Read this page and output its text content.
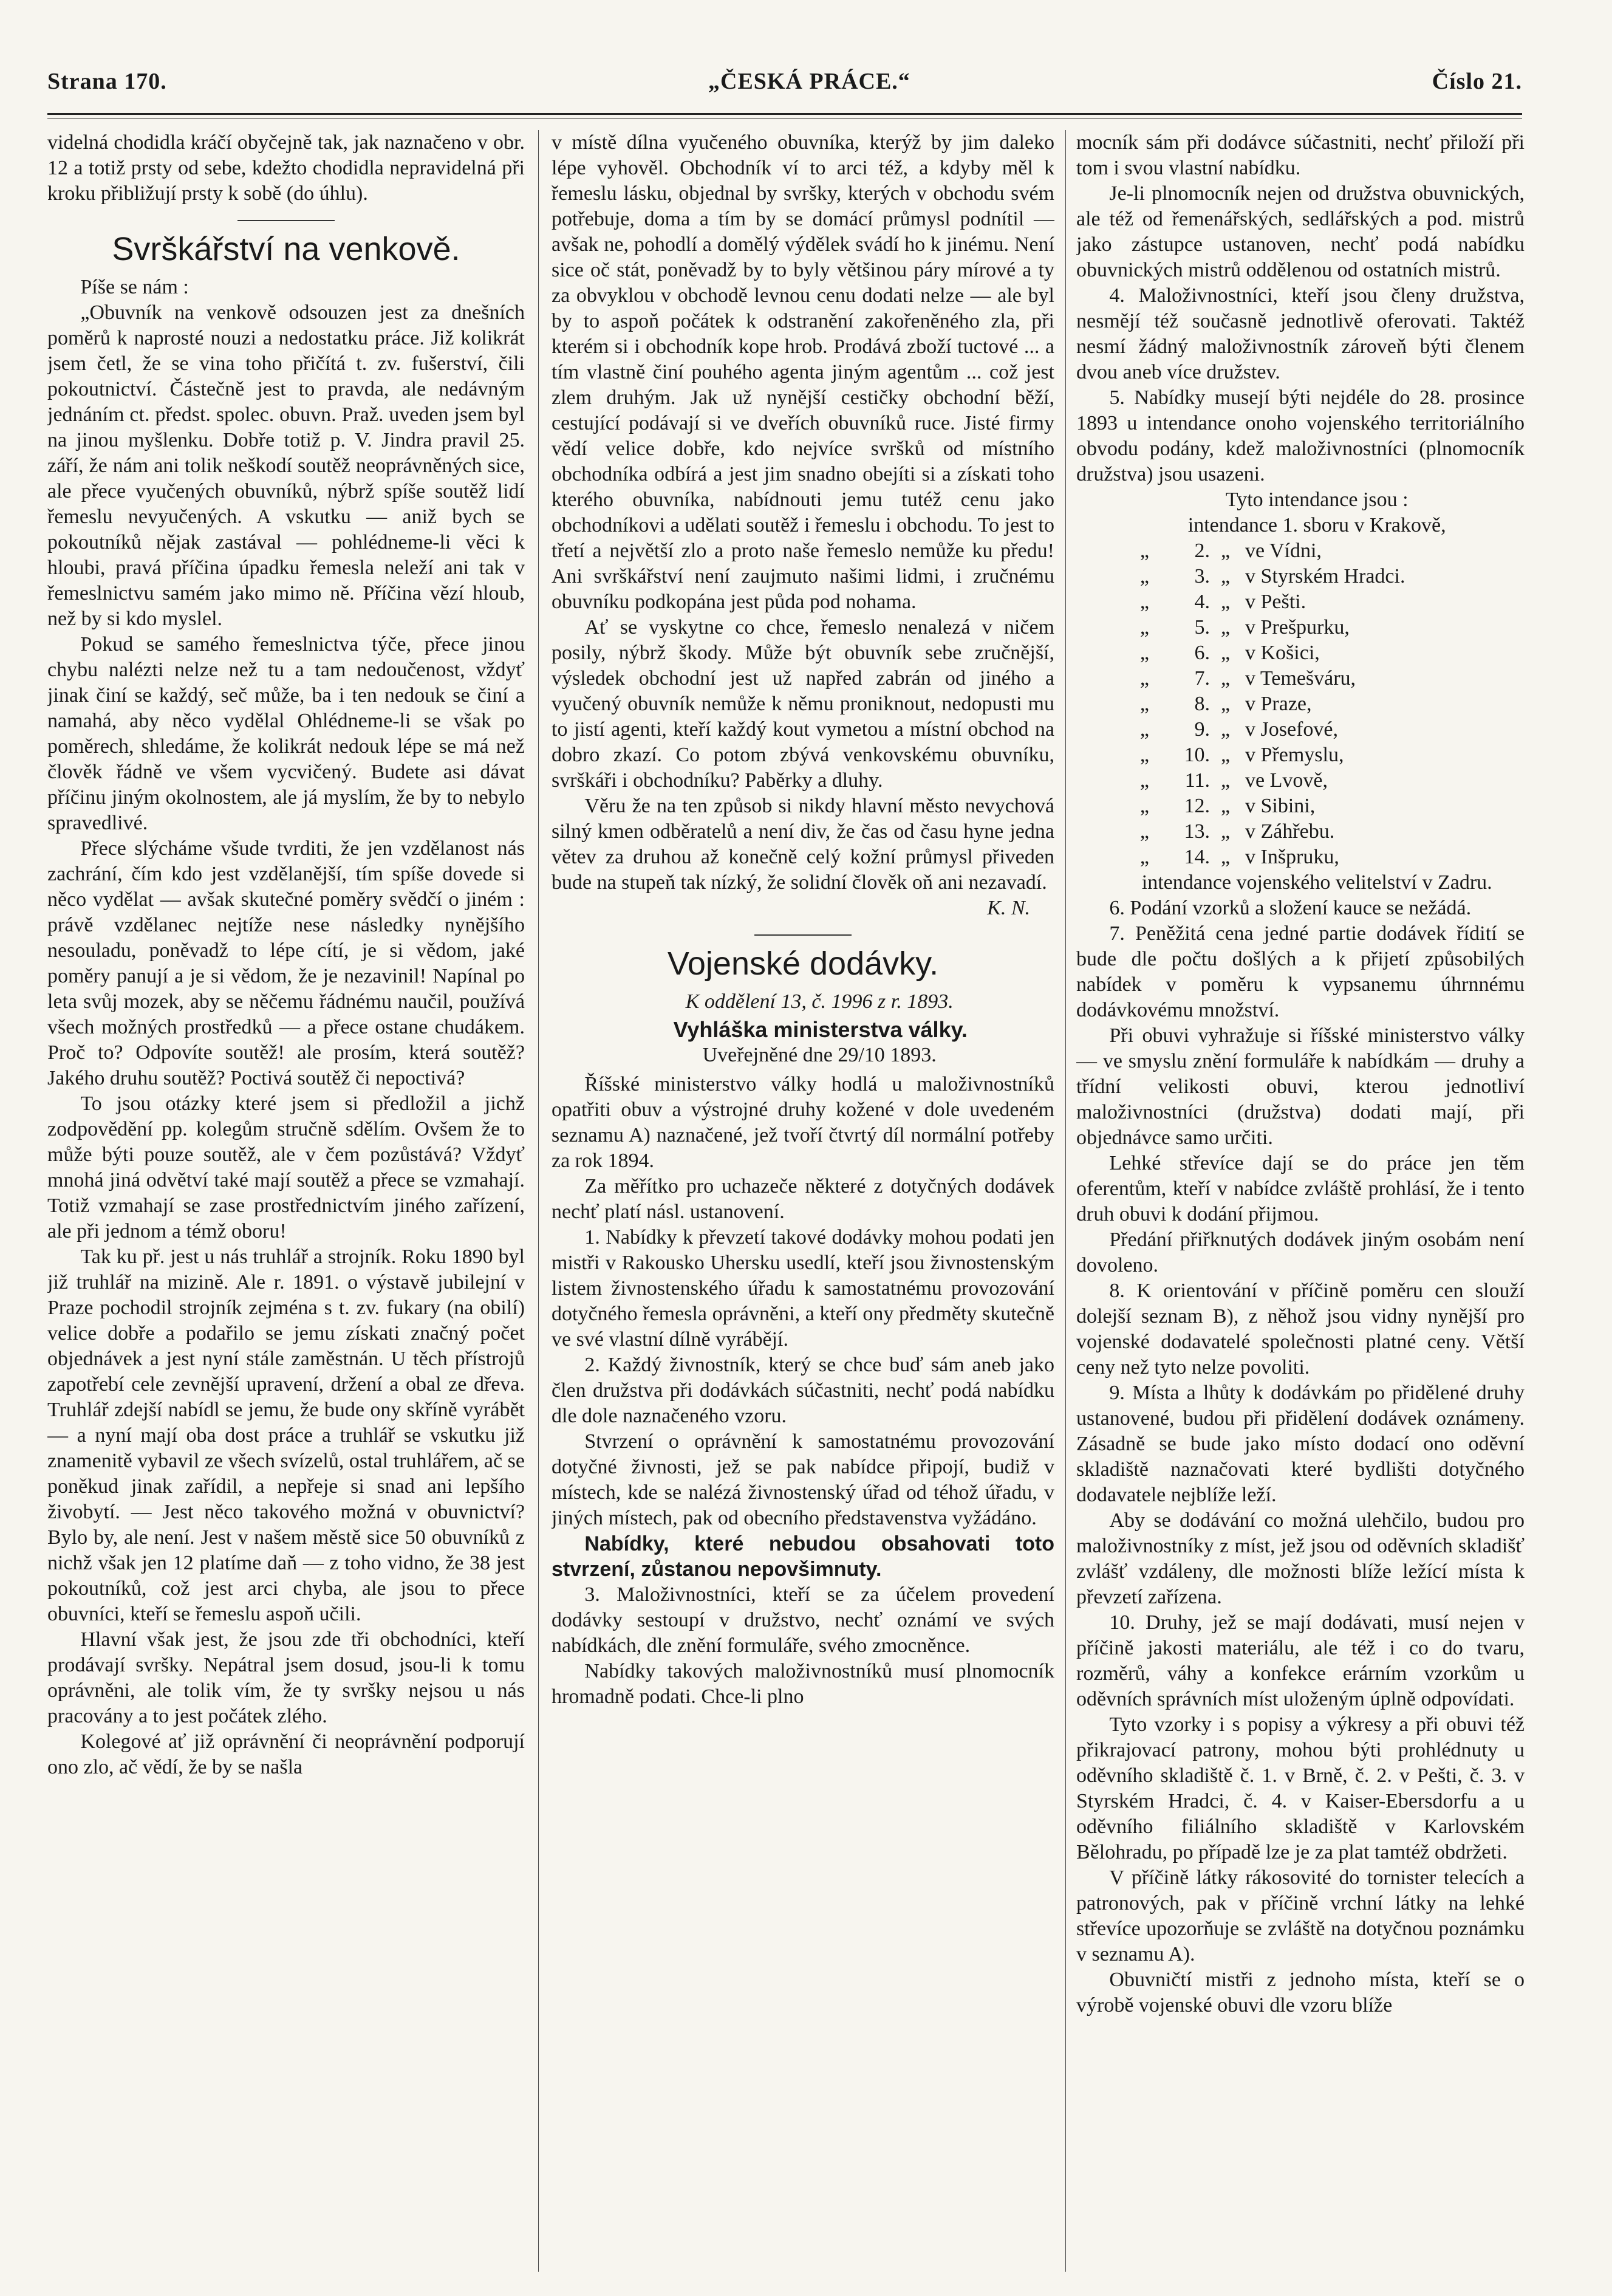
Strana 170.	„ČESKÁ PRÁCE.“	Číslo 21.

videlná chodidla kráčí obyčejně tak, jak naznačeno v obr. 12 a totiž prsty od sebe, kdežto chodidla nepravidelná při kroku přibližují prsty k sobě (do úhlu).

Svrškářství na venkově.

Píše se nám :

„Obuvník na venkově odsouzen jest za dnešních poměrů k naprosté nouzi a nedostatku práce. Již kolikrát jsem četl, že se vina toho přičítá t. zv. fušerství, čili pokoutnictví. Částečně jest to pravda, ale nedávným jednáním ct. předst. spolec. obuvn. Praž. uveden jsem byl na jinou myšlenku. Dobře totiž p. V. Jindra pravil 25. září, že nám ani tolik neškodí soutěž neoprávněných sice, ale přece vyučených obuvníků, nýbrž spíše soutěž lidí řemeslu nevyučených. A vskutku — aniž bych se pokoutníků nějak zastával — pohlédneme-li věci k hloubi, pravá příčina úpadku řemesla neleží ani tak v řemeslnictvu samém jako mimo ně. Příčina vězí hloub, než by si kdo myslel.

Pokud se samého řemeslnictva týče, přece jinou chybu nalézti nelze než tu a tam nedoučenost, vždyť jinak činí se každý, seč může, ba i ten nedouk se činí a namahá, aby něco vydělal Ohlédneme-li se však po poměrech, shledáme, že kolikrát nedouk lépe se má než člověk řádně ve všem vycvičený. Budete asi dávat příčinu jiným okolnostem, ale já myslím, že by to nebylo spravedlivé.

Přece slýcháme všude tvrditi, že jen vzdělanost nás zachrání, čím kdo jest vzdělanější, tím spíše dovede si něco vydělat — avšak skutečné poměry svědčí o jiném : právě vzdělanec nejtíže nese následky nynějšího nesouladu, poněvadž to lépe cítí, je si vědom, jaké poměry panují a je si vědom, že je nezavinil! Napínal po leta svůj mozek, aby se něčemu řádnému naučil, používá všech možných prostředků — a přece ostane chudákem. Proč to? Odpovíte soutěž! ale prosím, která soutěž? Jakého druhu soutěž? Poctivá soutěž či nepoctivá?

To jsou otázky které jsem si předložil a jichž zodpovědění pp. kolegům stručně sdělím. Ovšem že to může býti pouze soutěž, ale v čem pozůstává? Vždyť mnohá jiná odvětví také mají soutěž a přece se vzmahají. Totiž vzmahají se zase prostřednictvím jiného zařízení, ale při jednom a témž oboru!

Tak ku př. jest u nás truhlář a strojník. Roku 1890 byl již truhlář na mizině. Ale r. 1891. o výstavě jubilejní v Praze pochodil strojník zejména s t. zv. fukary (na obilí) velice dobře a podařilo se jemu získati značný počet objednávek a jest nyní stále zaměstnán. U těch přístrojů zapotřebí cele zevnější upravení, držení a obal ze dřeva. Truhlář zdejší nabídl se jemu, že bude ony skříně vyrábět — a nyní mají oba dost práce a truhlář se vskutku již znamenitě vybavil ze všech svízelů, ostal truhlářem, ač se poněkud jinak zařídil, a nepřeje si snad ani lepšího živobytí. — Jest něco takového možná v obuvnictví? Bylo by, ale není. Jest v našem městě sice 50 obuvníků z nichž však jen 12 platíme daň — z toho vidno, že 38 jest pokoutníků, což jest arci chyba, ale jsou to přece obuvníci, kteří se řemeslu aspoň učili.

Hlavní však jest, že jsou zde tři obchodníci, kteří prodávají svršky. Nepátral jsem dosud, jsou-li k tomu oprávněni, ale tolik vím, že ty svršky nejsou u nás pracovány a to jest počátek zlého.

Kolegové ať již oprávnění či neoprávnění podporují ono zlo, ač vědí, že by se našla

v místě dílna vyučeného obuvníka, kterýž by jim daleko lépe vyhověl. Obchodník ví to arci též, a kdyby měl k řemeslu lásku, objednal by svršky, kterých v obchodu svém potřebuje, doma a tím by se domácí průmysl podnítil — avšak ne, pohodlí a domělý výdělek svádí ho k jinému. Není sice oč stát, poněvadž by to byly většinou páry mírové a ty za obvyklou v obchodě levnou cenu dodati nelze — ale byl by to aspoň počátek k odstranění zakořeněného zla, při kterém si i obchodník kope hrob. Prodává zboží tuctové ... a tím vlastně činí pouhého agenta jiným agentům ... což jest zlem druhým. Jak už nynější cestičky obchodní běží, cestující podávají si ve dveřích obuvníků ruce. Jisté firmy vědí velice dobře, kdo nejvíce svršků od místního obchodníka odbírá a jest jim snadno obejíti si a získati toho kterého obuvníka, nabídnouti jemu tutéž cenu jako obchodníkovi a udělati soutěž i řemeslu i obchodu. To jest to třetí a největší zlo a proto naše řemeslo nemůže ku předu! Ani svrškářství není zaujmuto našimi lidmi, i zručnému obuvníku podkopána jest půda pod nohama.

Ať se vyskytne co chce, řemeslo nenalezá v ničem posily, nýbrž škody. Může být obuvník sebe zručnější, výsledek obchodní jest už napřed zabrán od jiného a vyučený obuvník nemůže k němu proniknout, nedopusti mu to jistí agenti, kteří každý kout vymetou a místní obchod na dobro zkazí. Co potom zbývá venkovskému obuvníku, svrškáři i obchodníku? Paběrky a dluhy.

Věru že na ten způsob si nikdy hlavní město nevychová silný kmen odběratelů a není div, že čas od času hyne jedna větev za druhou až konečně celý kožní průmysl přiveden bude na stupeň tak nízký, že solidní člověk oň ani nezavadí.

K. N.

Vojenské dodávky.

K oddělení 13, č. 1996 z r. 1893.

Vyhláška ministerstva války.

Uveřejněné dne 29/10 1893.

Říšské ministerstvo války hodlá u maloživnostníků opatřiti obuv a výstrojné druhy kožené v dole uvedeném seznamu A) naznačené, jež tvoří čtvrtý díl normální potřeby za rok 1894.

Za měřítko pro uchazeče některé z dotyčných dodávek nechť platí násl. ustanovení.

1. Nabídky k převzetí takové dodávky mohou podati jen mistři v Rakousko Uhersku usedlí, kteří jsou živnostenským listem živnostenského úřadu k samostatnému provozování dotyčného řemesla oprávněni, a kteří ony předměty skutečně ve své vlastní dílně vyrábějí.

2. Každý živnostník, který se chce buď sám aneb jako člen družstva při dodávkách súčastniti, nechť podá nabídku dle dole naznačeného vzoru.

Stvrzení o oprávnění k samostatnému provozování dotyčné živnosti, jež se pak nabídce připojí, budiž v místech, kde se nalézá živnostenský úřad od téhož úřadu, v jiných místech, pak od obecního představenstva vyžádáno.

Nabídky, které nebudou obsahovati toto stvrzení, zůstanou nepovšimnuty.

3. Maloživnostníci, kteří se za účelem provedení dodávky sestoupí v družstvo, nechť oznámí ve svých nabídkách, dle znění formuláře, svého zmocněnce.

Nabídky takových maloživnostníků musí plnomocník hromadně podati. Chce-li plno

mocník sám při dodávce súčastniti, nechť přiloží při tom i svou vlastní nabídku.

Je-li plnomocník nejen od družstva obuvnických, ale též od řemenářských, sedlářských a pod. mistrů jako zástupce ustanoven, nechť podá nabídku obuvnických mistrů oddělenou od ostatních mistrů.

4. Maloživnostníci, kteří jsou členy družstva, nesmějí též současně jednotlivě oferovati. Taktéž nesmí žádný maloživnostník zároveň býti členem dvou aneb více družstev.

5. Nabídky musejí býti nejdéle do 28. prosince 1893 u intendance onoho vojenského territoriálního obvodu podány, kdež maloživnostníci (plnomocník družstva) jsou usazeni.

Tyto intendance jsou :

intendance 1. sboru v Krakově,

„	2. „ ve Vídni,
„	3. „ v Styrském Hradci.
„	4. „ v Pešti.
„	5. „ v Prešpurku,
„	6. „ v Košici,
„	7. „ v Temešváru,
„	8. „ v Praze,
„	9. „ v Josefové,
„	10. „ v Přemyslu,
„	11. „ ve Lvově,
„	12. „ v Sibini,
„	13. „ v Záhřebu.
„	14. „ v Inšpruku,

intendance vojenského velitelství v Zadru.

6. Podání vzorků a složení kauce se nežádá.

7. Peněžitá cena jedné partie dodávek řídití se bude dle počtu došlých a k přijetí způsobilých nabídek v poměru k vypsanemu úhrnnému dodávkovému množství.

Při obuvi vyhražuje si říšské ministerstvo války — ve smyslu znění formuláře k nabídkám — druhy a třídní velikosti obuvi, kterou jednotliví maloživnostníci (družstva) dodati mají, při objednávce samo určiti.

Lehké střevíce dají se do práce jen těm oferentům, kteří v nabídce zvláště prohlásí, že i tento druh obuvi k dodání přijmou.

Předání přiřknutých dodávek jiným osobám není dovoleno.

8. K orientování v příčině poměru cen slouží dolejší seznam B), z něhož jsou vidny nynější pro vojenské dodavatelé společnosti platné ceny. Větší ceny než tyto nelze povoliti.

9. Místa a lhůty k dodávkám po přidělené druhy ustanovené, budou při přidělení dodávek oznámeny. Zásadně se bude jako místo dodací ono oděvní skladiště naznačovati které bydlišti dotyčného dodavatele nejblíže leží.

Aby se dodávání co možná ulehčilo, budou pro maloživnostníky z míst, jež jsou od oděvních skladišť zvlášť vzdáleny, dle možnosti blíže ležící místa k převzetí zařízena.

10. Druhy, jež se mají dodávati, musí nejen v příčině jakosti materiálu, ale též i co do tvaru, rozměrů, váhy a konfekce erárním vzorkům u oděvních správních míst uloženým úplně odpovídati.

Tyto vzorky i s popisy a výkresy a při obuvi též přikrajovací patrony, mohou býti prohlédnuty u oděvního skladiště č. 1. v Brně, č. 2. v Pešti, č. 3. v Styrském Hradci, č. 4. v Kaiser-Ebersdorfu a u oděvního filiálního skladiště v Karlovském Bělohradu, po případě lze je za plat tamtéž obdržeti.

V příčině látky rákosovité do tornister telecích a patronových, pak v příčině vrchní látky na lehké střevíce upozorňuje se zvláště na dotyčnou poznámku v seznamu A).

Obuvničtí mistři z jednoho místa, kteří se o výrobě vojenské obuvi dle vzoru blíže
